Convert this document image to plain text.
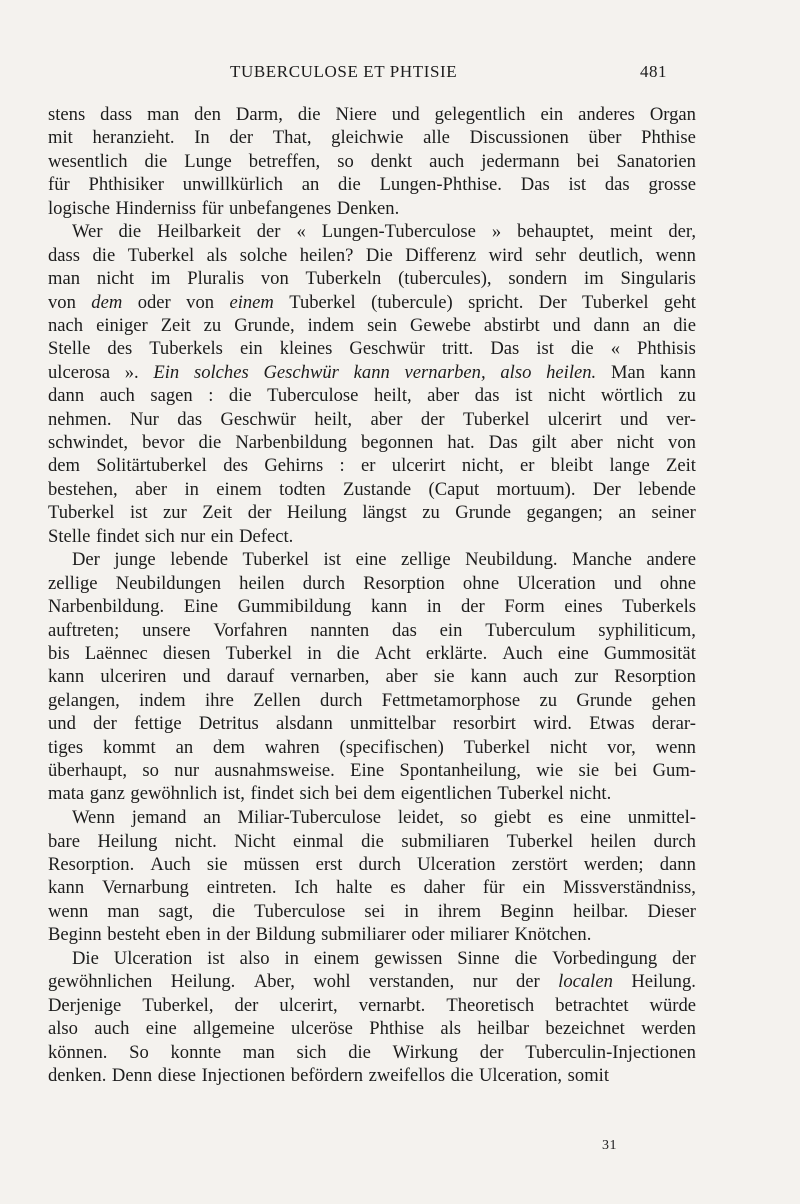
TUBERCULOSE ET PHTISIE	481
stens dass man den Darm, die Niere und gelegentlich ein anderes Organ
mit heranzieht. In der That, gleichwie alle Discussionen über Phthise
wesentlich die Lunge betreffen, so denkt auch jedermann bei Sanatorien
für Phthisiker unwillkürlich an die Lungen-Phthise. Das ist das grosse
logische Hinderniss für unbefangenes Denken.
Wer die Heilbarkeit der « Lungen-Tuberculose » behauptet, meint der,
dass die Tuberkel als solche heilen? Die Differenz wird sehr deutlich, wenn
man nicht im Pluralis von Tuberkeln (tubercules), sondern im Singularis
von dem oder von einem Tuberkel (tubercule) spricht. Der Tuberkel geht
nach einiger Zeit zu Grunde, indem sein Gewebe abstirbt und dann an die
Stelle des Tuberkels ein kleines Geschwür tritt. Das ist die « Phthisis
ulcerosa ». Ein solches Geschwür kann vernarben, also heilen. Man kann
dann auch sagen : die Tuberculose heilt, aber das ist nicht wörtlich zu
nehmen. Nur das Geschwür heilt, aber der Tuberkel ulcerirt und ver-
schwindet, bevor die Narbenbildung begonnen hat. Das gilt aber nicht von
dem Solitärtuberkel des Gehirns : er ulcerirt nicht, er bleibt lange Zeit
bestehen, aber in einem todten Zustande (Caput mortuum). Der lebende
Tuberkel ist zur Zeit der Heilung längst zu Grunde gegangen; an seiner
Stelle findet sich nur ein Defect.
Der junge lebende Tuberkel ist eine zellige Neubildung. Manche andere
zellige Neubildungen heilen durch Resorption ohne Ulceration und ohne
Narbenbildung. Eine Gummibildung kann in der Form eines Tuberkels
auftreten; unsere Vorfahren nannten das ein Tuberculum syphiliticum,
bis Laënnec diesen Tuberkel in die Acht erklärte. Auch eine Gummosität
kann ulceriren und darauf vernarben, aber sie kann auch zur Resorption
gelangen, indem ihre Zellen durch Fettmetamorphose zu Grunde gehen
und der fettige Detritus alsdann unmittelbar resorbirt wird. Etwas derar-
tiges kommt an dem wahren (specifischen) Tuberkel nicht vor, wenn
überhaupt, so nur ausnahmsweise. Eine Spontanheilung, wie sie bei Gum-
mata ganz gewöhnlich ist, findet sich bei dem eigentlichen Tuberkel nicht.
Wenn jemand an Miliar-Tuberculose leidet, so giebt es eine unmittel-
bare Heilung nicht. Nicht einmal die submiliaren Tuberkel heilen durch
Resorption. Auch sie müssen erst durch Ulceration zerstört werden; dann
kann Vernarbung eintreten. Ich halte es daher für ein Missverständniss,
wenn man sagt, die Tuberculose sei in ihrem Beginn heilbar. Dieser
Beginn besteht eben in der Bildung submiliarer oder miliarer Knötchen.
Die Ulceration ist also in einem gewissen Sinne die Vorbedingung der
gewöhnlichen Heilung. Aber, wohl verstanden, nur der localen Heilung.
Derjenige Tuberkel, der ulcerirt, vernarbt. Theoretisch betrachtet würde
also auch eine allgemeine ulceröse Phthise als heilbar bezeichnet werden
können. So konnte man sich die Wirkung der Tuberculin-Injectionen
denken. Denn diese Injectionen befördern zweifellos die Ulceration, somit
31
